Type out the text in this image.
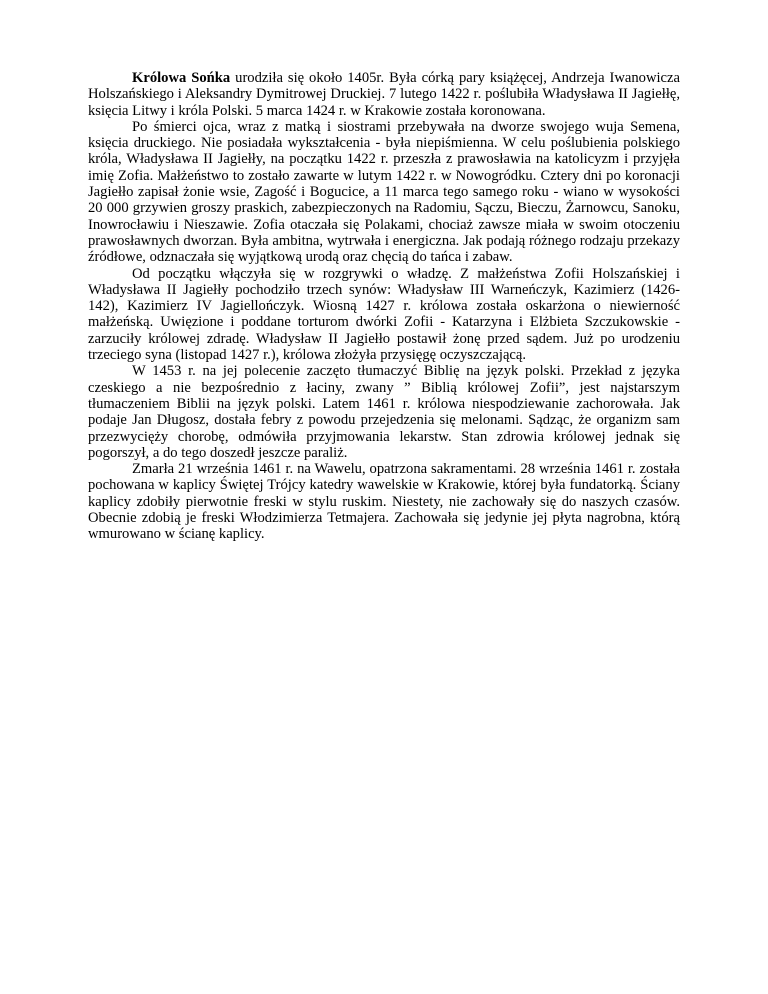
Królowa Sońka urodziła się około 1405r. Była córką pary książęcej, Andrzeja Iwanowicza Holszańskiego i Aleksandry Dymitrowej Druckiej. 7 lutego 1422 r. poślubiła Władysława II Jagiełłę, księcia Litwy i króla Polski. 5 marca 1424 r. w Krakowie została koronowana.

Po śmierci ojca, wraz z matką i siostrami przebywała na dworze swojego wuja Semena, księcia druckiego. Nie posiadała wykształcenia - była niepiśmienna. W celu poślubienia polskiego króla, Władysława II Jagiełły, na początku 1422 r. przeszła z prawosławia na katolicyzm i przyjęła imię Zofia. Małżeństwo to zostało zawarte w lutym 1422 r. w Nowogródku. Cztery dni po koronacji Jagiełło zapisał żonie wsie, Zagość i Bogucice, a 11 marca tego samego roku - wiano w wysokości 20 000 grzywien groszy praskich, zabezpieczonych na Radomiu, Sączu, Bieczu, Żarnowcu, Sanoku, Inowrocławiu i Nieszawie. Zofia otaczała się Polakami, chociaż zawsze miała w swoim otoczeniu prawosławnych dworzan. Była ambitna, wytrwała i energiczna. Jak podają różnego rodzaju przekazy źródłowe, odznaczała się wyjątkową urodą oraz chęcią do tańca i zabaw.

Od początku włączyła się w rozgrywki o władzę. Z małżeństwa Zofii Holszańskiej i Władysława II Jagiełły pochodziło trzech synów: Władysław III Warneńczyk, Kazimierz (1426-142), Kazimierz IV Jagiellończyk. Wiosną 1427 r. królowa została oskarżona o niewierność małżeńską. Uwięzione i poddane torturom dwórki Zofii - Katarzyna i Elżbieta Szczukowskie - zarzuciły królowej zdradę. Władysław II Jagiełło postawił żonę przed sądem. Już po urodzeniu trzeciego syna (listopad 1427 r.), królowa złożyła przysięgę oczyszczającą.

W 1453 r. na jej polecenie zaczęto tłumaczyć Biblię na język polski. Przekład z języka czeskiego a nie bezpośrednio z łaciny, zwany ” Biblią królowej Zofii”, jest najstarszym tłumaczeniem Biblii na język polski. Latem 1461 r. królowa niespodziewanie zachorowała. Jak podaje Jan Długosz, dostała febry z powodu przejedzenia się melonami. Sądząc, że organizm sam przezwycięży chorobę, odmówiła przyjmowania lekarstw. Stan zdrowia królowej jednak się pogorszył, a do tego doszedł jeszcze paraliż.

Zmarła 21 września 1461 r. na Wawelu, opatrzona sakramentami. 28 września 1461 r. została pochowana w kaplicy Świętej Trójcy katedry wawelskie w Krakowie, której była fundatorką. Ściany kaplicy zdobiły pierwotnie freski w stylu ruskim. Niestety, nie zachowały się do naszych czasów. Obecnie zdobią je freski Włodzimierza Tetmajera. Zachowała się jedynie jej płyta nagrobna, którą wmurowano w ścianę kaplicy.
